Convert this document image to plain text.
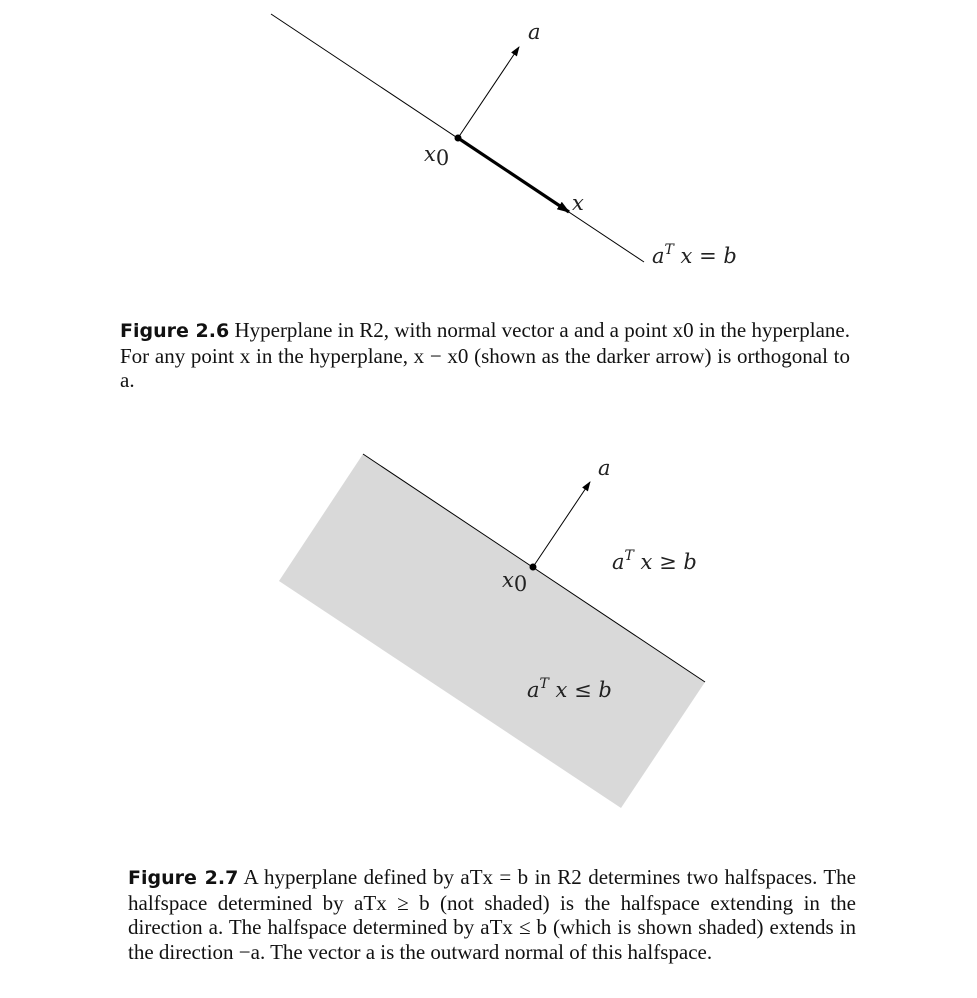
a
x0
x
$a^T$ x = b
a
x0
$a^T$ x ≥ b
$a^T$ x ≤ b
Figure 2.6 Hyperplane in R2, with normal vector a and a point x0 in the hyperplane. For any point x in the hyperplane, x − x0 (shown as the darker arrow) is orthogonal to a.
Figure 2.7 A hyperplane defined by aTx = b in R2 determines two halfspaces. The halfspace determined by aTx ≥ b (not shaded) is the halfspace extending in the direction a. The halfspace determined by aTx ≤ b (which is shown shaded) extends in the direction −a. The vector a is the outward normal of this halfspace.
